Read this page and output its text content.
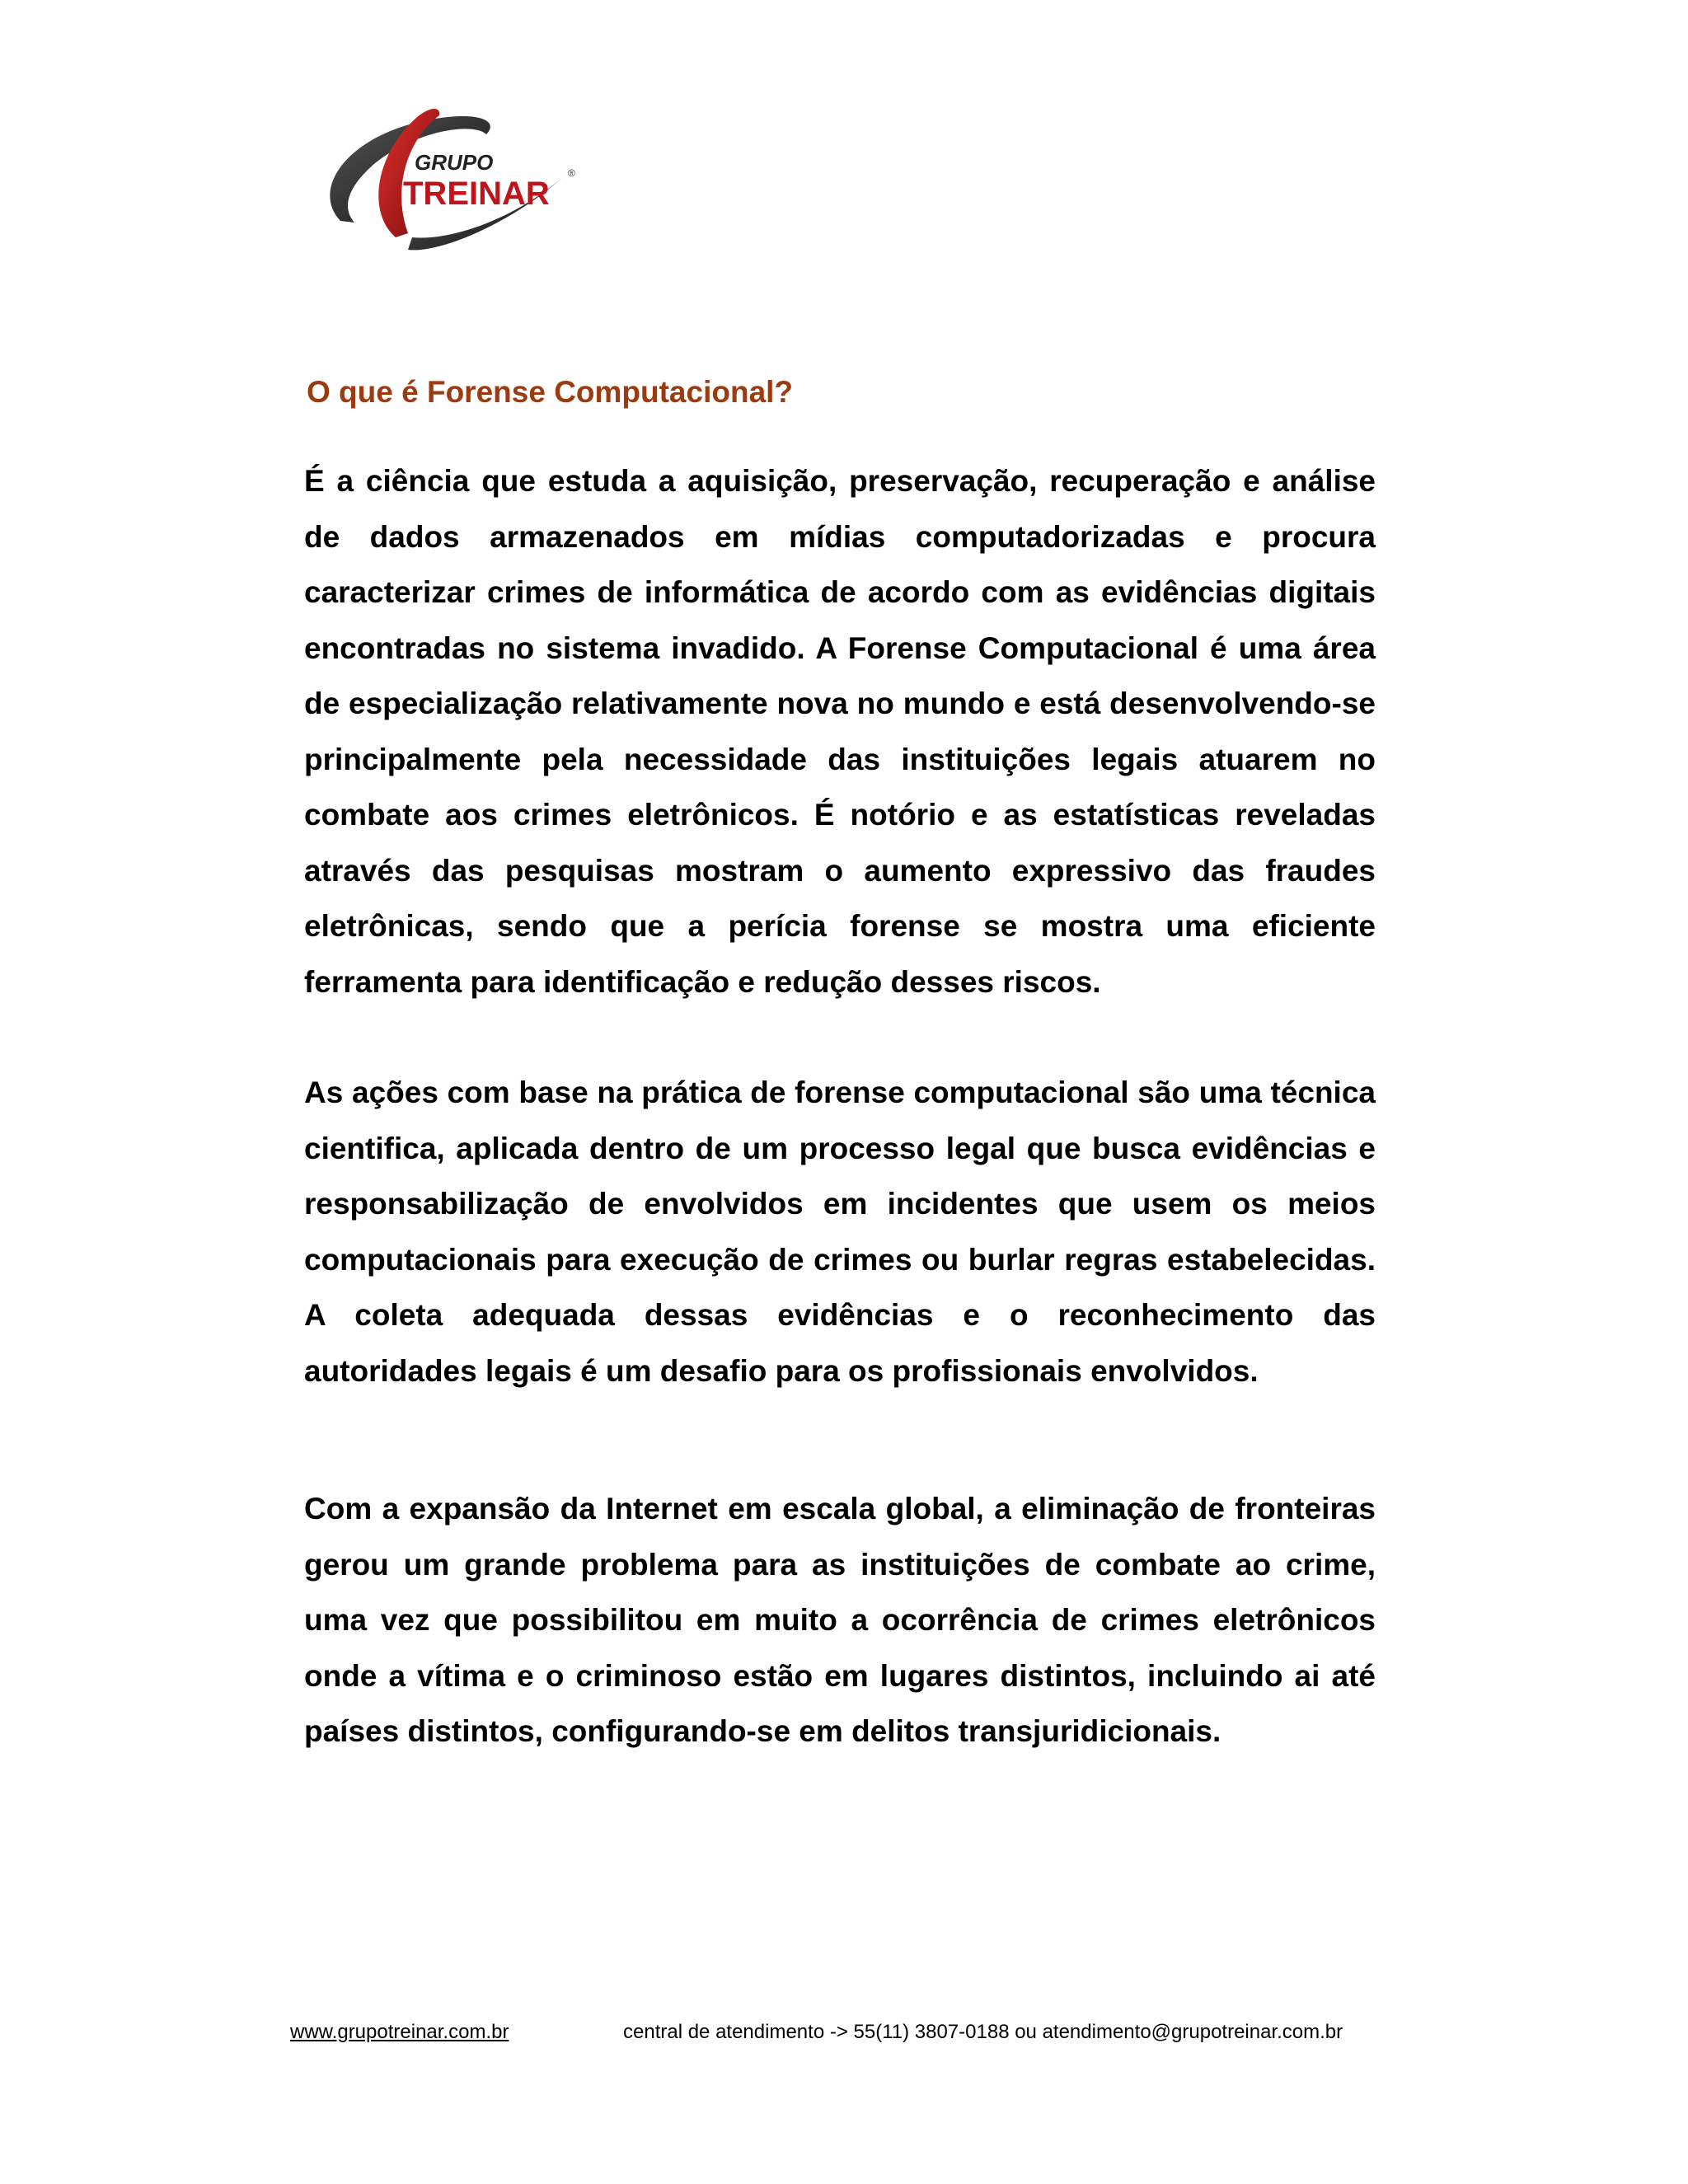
GRUPO
TREINAR
®
O que é Forense Computacional?

É a ciência que estuda a aquisição, preservação, recuperação e análise de dados armazenados em mídias computadorizadas e procura caracterizar crimes de informática de acordo com as evidências digitais encontradas no sistema invadido. A Forense Computacional é uma área de especialização relativamente nova no mundo e está desenvolvendo-se principalmente pela necessidade das instituições legais atuarem no combate aos crimes eletrônicos. É notório e as estatísticas reveladas através das pesquisas mostram o aumento expressivo das fraudes eletrônicas, sendo que a perícia forense se mostra uma eficiente ferramenta para identificação e redução desses riscos.

As ações com base na prática de forense computacional são uma técnica cientifica, aplicada dentro de um processo legal que busca evidências e responsabilização de envolvidos em incidentes que usem os meios computacionais para execução de crimes ou burlar regras estabelecidas. A coleta adequada dessas evidências e o reconhecimento das autoridades legais é um desafio para os profissionais envolvidos.

Com a expansão da Internet em escala global, a eliminação de fronteiras gerou um grande problema para as instituições de combate ao crime, uma vez que possibilitou em muito a ocorrência de crimes eletrônicos onde a vítima e o criminoso estão em lugares distintos, incluindo ai até países distintos, configurando-se em delitos transjuridicionais.

www.grupotreinar.com.br	central de atendimento -> 55(11) 3807-0188 ou atendimento@grupotreinar.com.br
